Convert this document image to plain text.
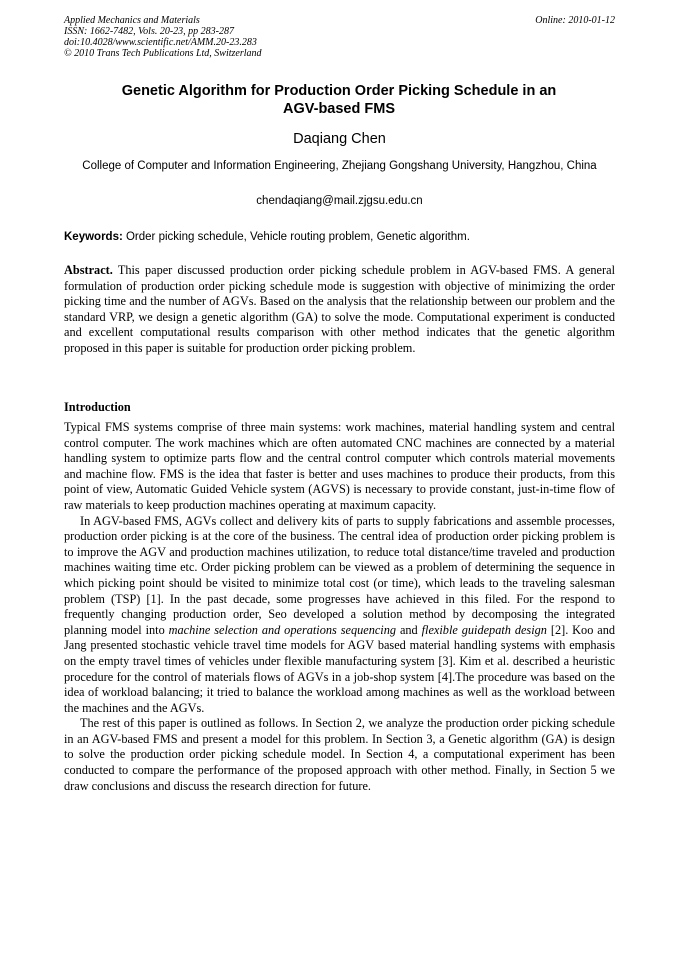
Applied Mechanics and Materials
ISSN: 1662-7482, Vols. 20-23, pp 283-287
doi:10.4028/www.scientific.net/AMM.20-23.283
© 2010 Trans Tech Publications Ltd, Switzerland
Online: 2010-01-12
Genetic Algorithm for Production Order Picking Schedule in an
AGV-based FMS
Daqiang Chen
College of Computer and Information Engineering, Zhejiang Gongshang University, Hangzhou, China
chendaqiang@mail.zjgsu.edu.cn
Keywords: Order picking schedule, Vehicle routing problem, Genetic algorithm.
Abstract. This paper discussed production order picking schedule problem in AGV-based FMS. A general formulation of production order picking schedule mode is suggestion with objective of minimizing the order picking time and the number of AGVs. Based on the analysis that the relationship between our problem and the standard VRP, we design a genetic algorithm (GA) to solve the mode. Computational experiment is conducted and excellent computational results comparison with other method indicates that the genetic algorithm proposed in this paper is suitable for production order picking problem.
Introduction

Typical FMS systems comprise of three main systems: work machines, material handling system and central control computer. The work machines which are often automated CNC machines are connected by a material handling system to optimize parts flow and the central control computer which controls material movements and machine flow. FMS is the idea that faster is better and uses machines to produce their products, from this point of view, Automatic Guided Vehicle system (AGVS) is necessary to provide constant, just-in-time flow of raw materials to keep production machines operating at maximum capacity.

In AGV-based FMS, AGVs collect and delivery kits of parts to supply fabrications and assemble processes, production order picking is at the core of the business. The central idea of production order picking problem is to improve the AGV and production machines utilization, to reduce total distance/time traveled and production machines waiting time etc. Order picking problem can be viewed as a problem of determining the sequence in which picking point should be visited to minimize total cost (or time), which leads to the traveling salesman problem (TSP) [1]. In the past decade, some progresses have achieved in this filed. For the respond to frequently changing production order, Seo developed a solution method by decomposing the integrated planning model into machine selection and operations sequencing and flexible guidepath design [2]. Koo and Jang presented stochastic vehicle travel time models for AGV based material handling systems with emphasis on the empty travel times of vehicles under flexible manufacturing system [3]. Kim et al. described a heuristic procedure for the control of materials flows of AGVs in a job-shop system [4].The procedure was based on the idea of workload balancing; it tried to balance the workload among machines as well as the workload between the machines and the AGVs.

The rest of this paper is outlined as follows. In Section 2, we analyze the production order picking schedule in an AGV-based FMS and present a model for this problem. In Section 3, a Genetic algorithm (GA) is design to solve the production order picking schedule model. In Section 4, a computational experiment has been conducted to compare the performance of the proposed approach with other method. Finally, in Section 5 we draw conclusions and discuss the research direction for future.
